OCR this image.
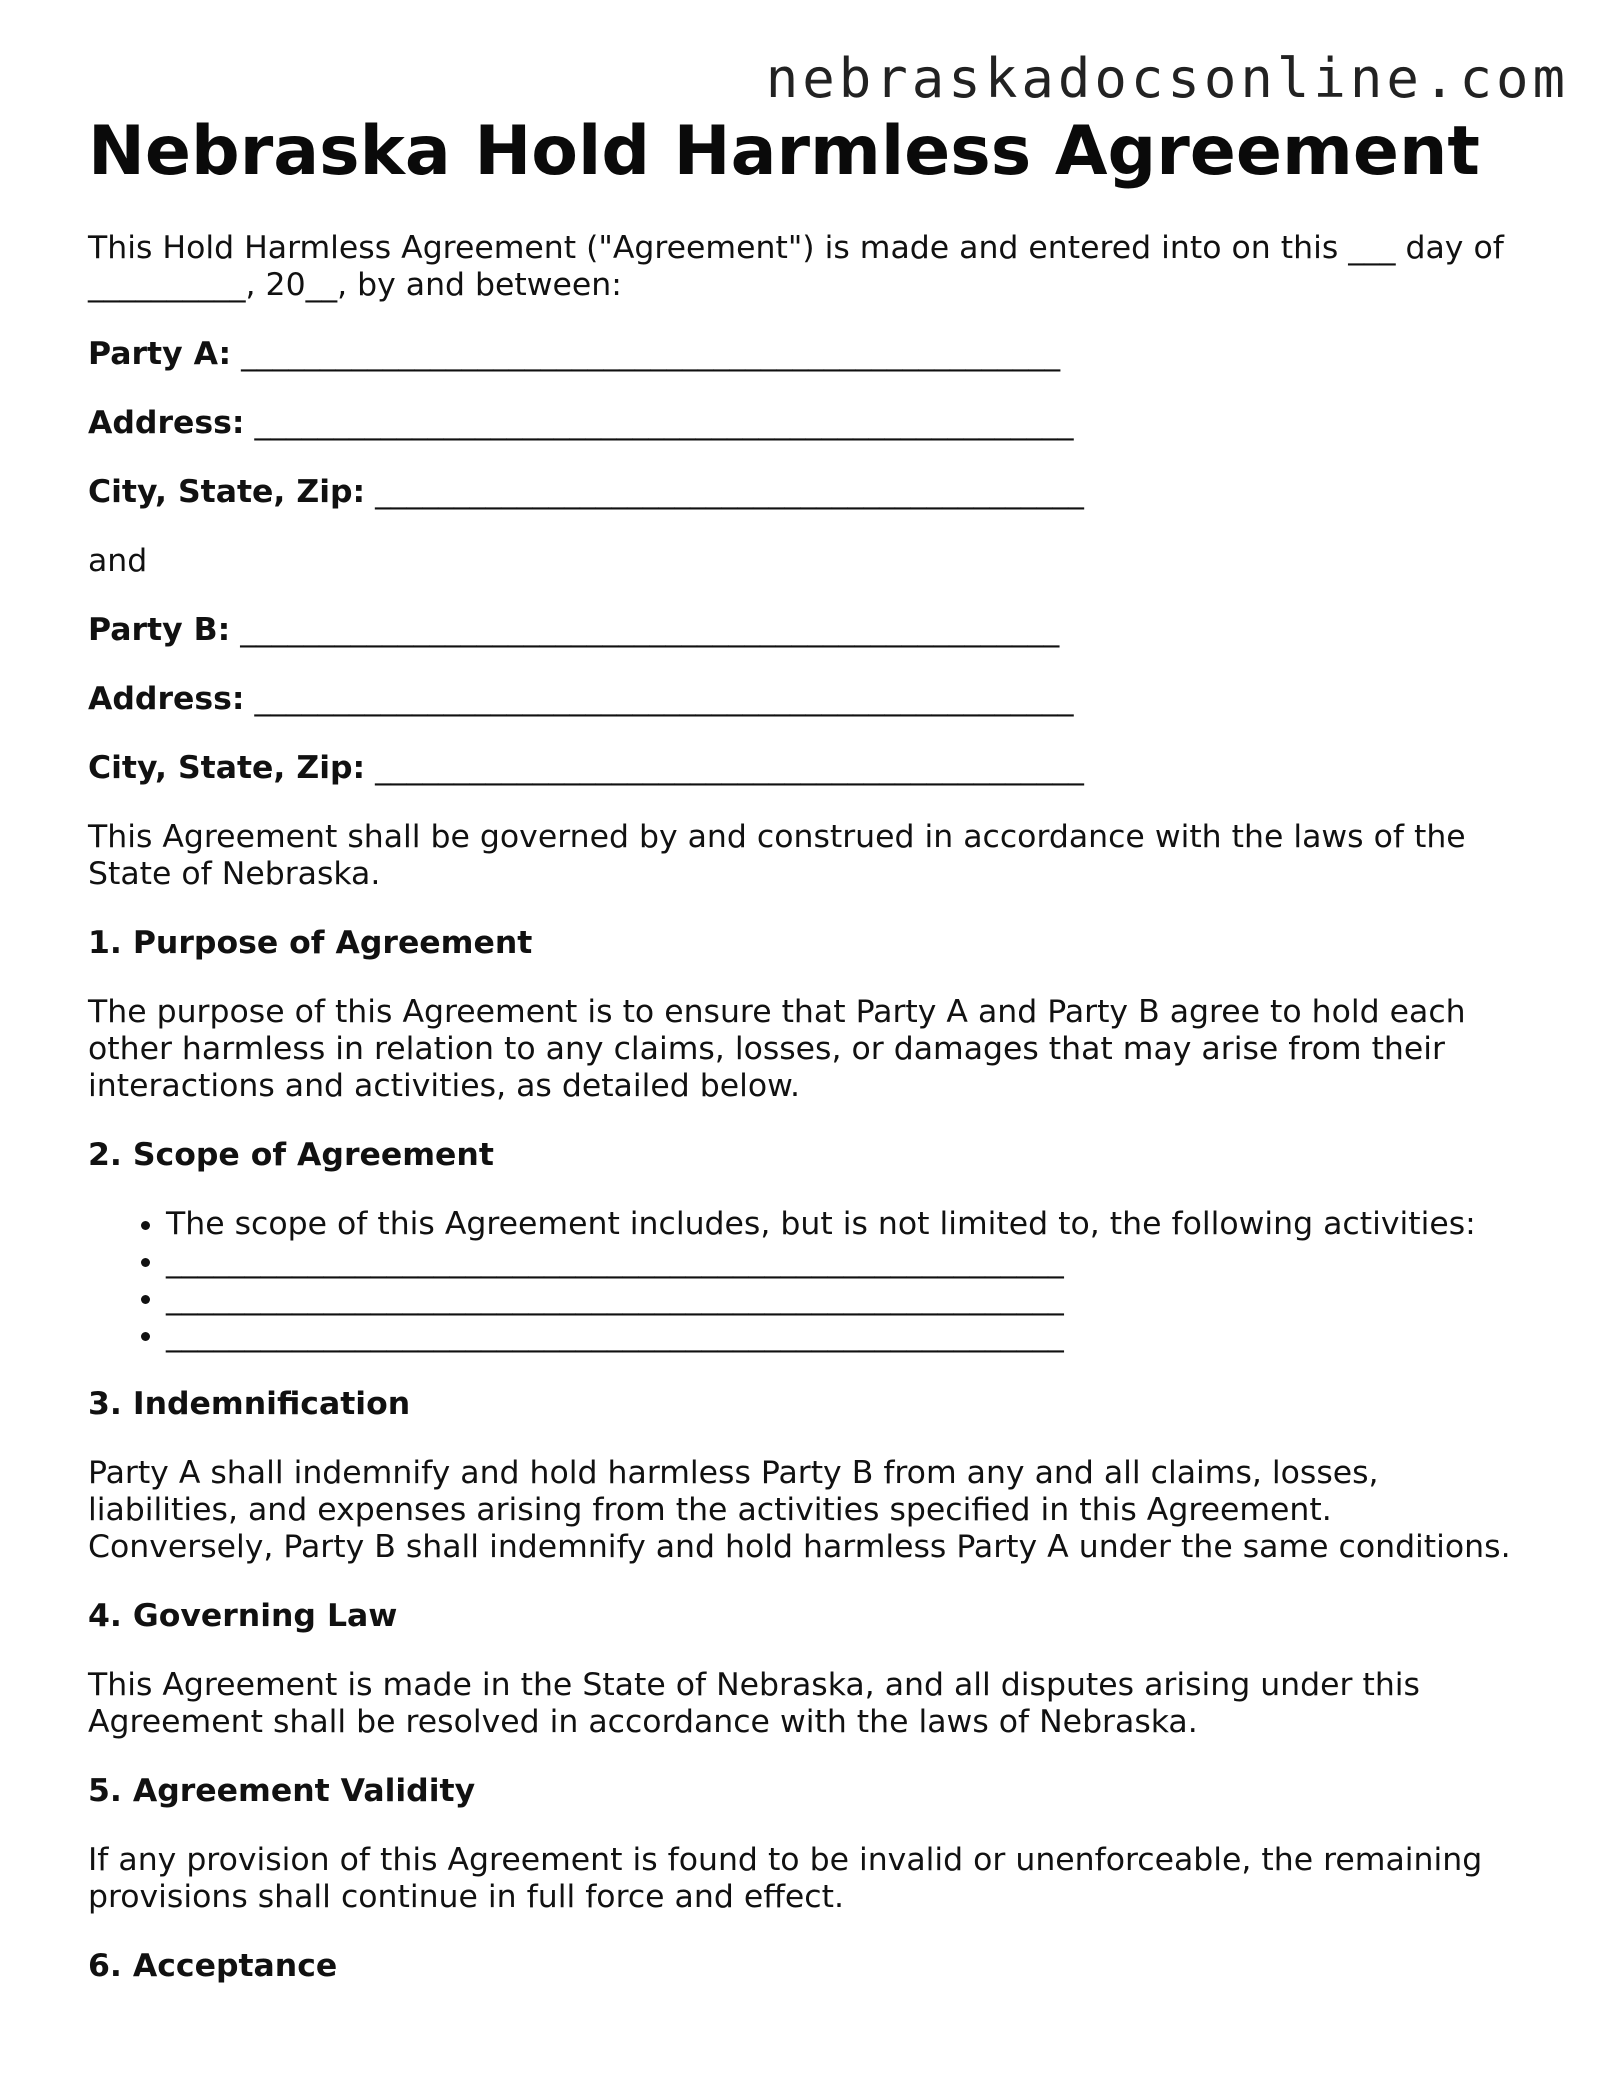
nebraskadocsonline.com
Nebraska Hold Harmless Agreement

This Hold Harmless Agreement ("Agreement") is made and entered into on this ___ day of __________, 20__, by and between:

Party A: ____________________________________________________
Address: ____________________________________________________
City, State, Zip: _____________________________________________

and

Party B: ____________________________________________________
Address: ____________________________________________________
City, State, Zip: _____________________________________________

This Agreement shall be governed by and construed in accordance with the laws of the State of Nebraska.

1. Purpose of Agreement

The purpose of this Agreement is to ensure that Party A and Party B agree to hold each other harmless in relation to any claims, losses, or damages that may arise from their interactions and activities, as detailed below.

2. Scope of Agreement
• The scope of this Agreement includes, but is not limited to, the following activities:
• _________________________________________________________
• _________________________________________________________
• _________________________________________________________
3. Indemnification

Party A shall indemnify and hold harmless Party B from any and all claims, losses, liabilities, and expenses arising from the activities specified in this Agreement. Conversely, Party B shall indemnify and hold harmless Party A under the same conditions.

4. Governing Law

This Agreement is made in the State of Nebraska, and all disputes arising under this Agreement shall be resolved in accordance with the laws of Nebraska.

5. Agreement Validity

If any provision of this Agreement is found to be invalid or unenforceable, the remaining provisions shall continue in full force and effect.

6. Acceptance
